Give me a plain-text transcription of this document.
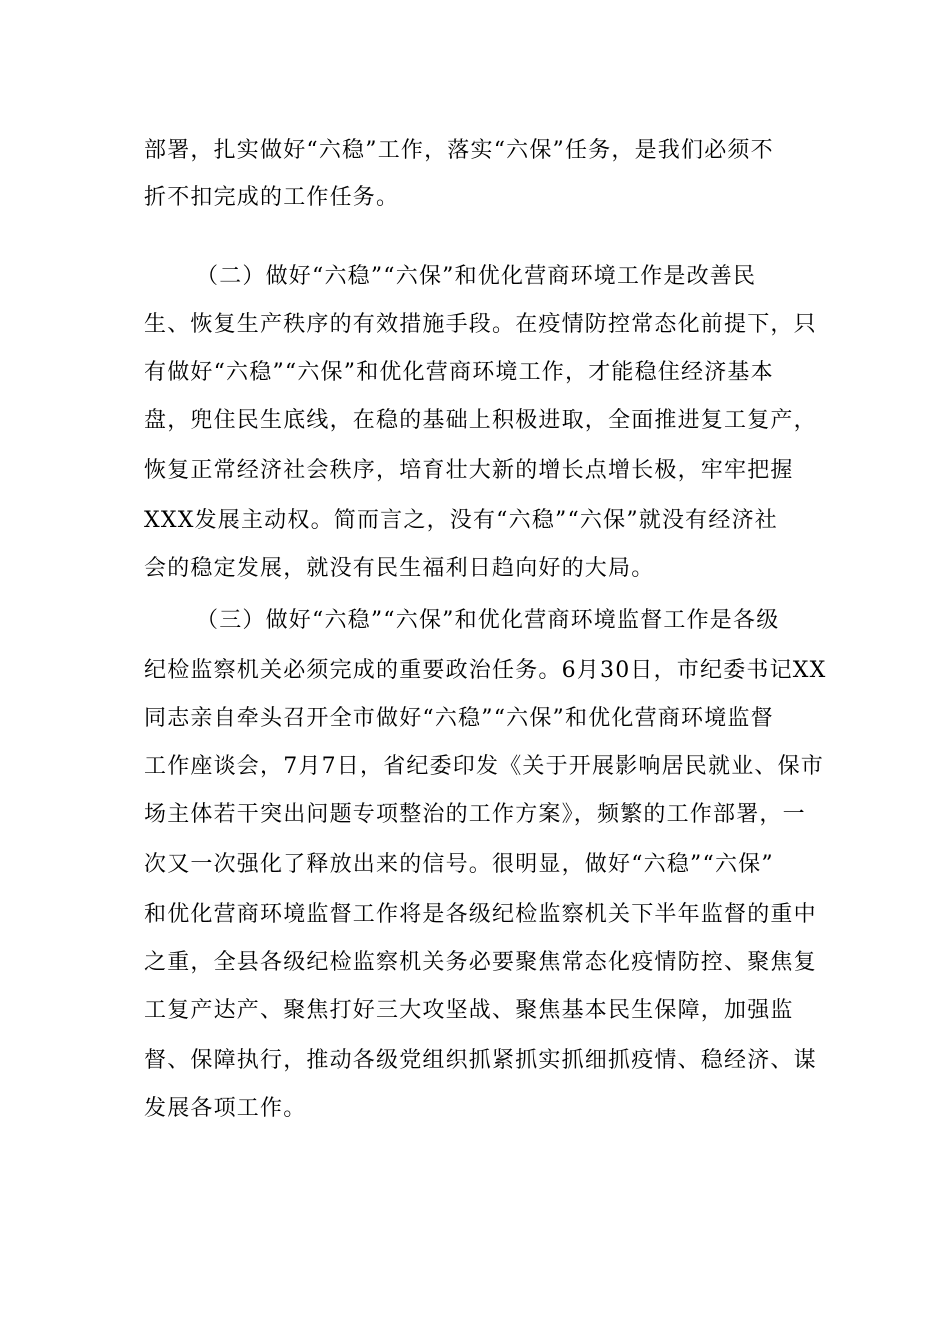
部署，扎实做好“六稳”工作，落实“六保”任务，是我们必须不
折不扣完成的工作任务。
（二）做好“六稳”“六保”和优化营商环境工作是改善民
生、恢复生产秩序的有效措施手段。在疫情防控常态化前提下，只
有做好“六稳”“六保”和优化营商环境工作，才能稳住经济基本
盘，兜住民生底线，在稳的基础上积极进取，全面推进复工复产，
恢复正常经济社会秩序，培育壮大新的增长点增长极，牢牢把握
XXX发展主动权。简而言之，没有“六稳”“六保”就没有经济社
会的稳定发展，就没有民生福利日趋向好的大局。
（三）做好“六稳”“六保”和优化营商环境监督工作是各级
纪检监察机关必须完成的重要政治任务。6月30日，市纪委书记XX
同志亲自牵头召开全市做好“六稳”“六保”和优化营商环境监督
工作座谈会，7月7日，省纪委印发《关于开展影响居民就业、保市
场主体若干突出问题专项整治的工作方案》，频繁的工作部署，一
次又一次强化了释放出来的信号。很明显，做好“六稳”“六保”
和优化营商环境监督工作将是各级纪检监察机关下半年监督的重中
之重，全县各级纪检监察机关务必要聚焦常态化疫情防控、聚焦复
工复产达产、聚焦打好三大攻坚战、聚焦基本民生保障，加强监
督、保障执行，推动各级党组织抓紧抓实抓细抓疫情、稳经济、谋
发展各项工作。
